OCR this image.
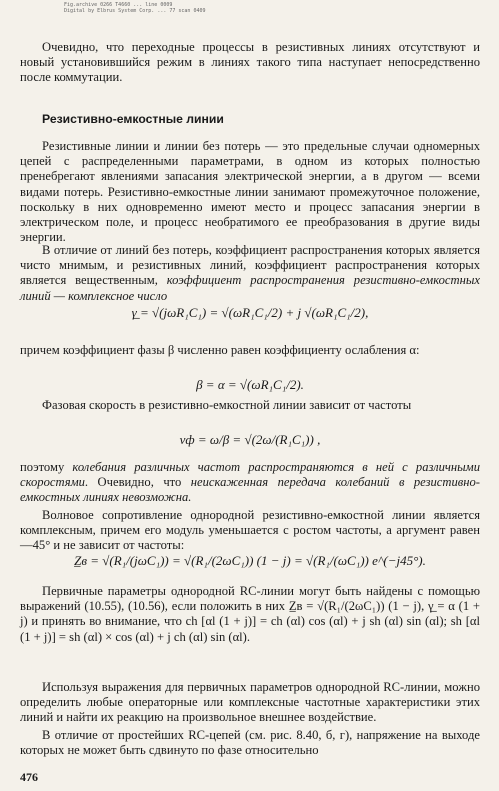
Fig.archive 0266 T4660 ... line 0009
Digital by Elbrus System Corp. ... 77 scan 0409

Очевидно, что переходные процессы в резистивных линиях отсутствуют и новый установившийся режим в линиях такого типа наступает непосредственно после коммутации.

Резистивно-емкостные линии

Резистивные линии и линии без потерь — это предельные случаи одномерных цепей с распределенными параметрами, в одном из которых полностью пренебрегают явлениями запасания электрической энергии, а в другом — всеми видами потерь. Резистивно-емкостные линии занимают промежуточное положение, поскольку в них одновременно имеют место и процесс запасания энергии в электрическом поле, и процесс необратимого ее преобразования в другие виды энергии.

В отличие от линий без потерь, коэффициент распространения которых является чисто мнимым, и резистивных линий, коэффициент распространения которых является вещественным, коэффициент распространения резистивно-емкостных линий — комплексное число

γ̲ = √(jωR₁C₁) = √(ωR₁C₁/2) + j √(ωR₁C₁/2),

причем коэффициент фазы β численно равен коэффициенту ослабления α:

β = α = √(ωR₁C₁/2).

Фазовая скорость в резистивно-емкостной линии зависит от частоты

vф = ω/β = √(2ω/(R₁C₁)) ,

поэтому колебания различных частот распространяются в ней с различными скоростями. Очевидно, что неискаженная передача колебаний в резистивно-емкостных линиях невозможна.

Волновое сопротивление однородной резистивно-емкостной линии является комплексным, причем его модуль уменьшается с ростом частоты, а аргумент равен —45° и не зависит от частоты:

Z̲в = √(R₁/(jωC₁)) = √(R₁/(2ωC₁)) (1 − j) = √(R₁/(ωC₁)) e^(−j45°).

Первичные параметры однородной RC-линии могут быть найдены с помощью выражений (10.55), (10.56), если положить в них Z̲в = √(R₁/(2ωC₁)) (1 − j), γ̲ = α (1 + j) и принять во внимание, что ch [αl (1 + j)] = ch (αl) cos (αl) + j sh (αl) sin (αl); sh [αl (1 + j)] = sh (αl) × cos (αl) + j ch (αl) sin (αl).

Используя выражения для первичных параметров однородной RC-линии, можно определить любые операторные или комплексные частотные характеристики этих линий и найти их реакцию на произвольное внешнее воздействие.

В отличие от простейших RC-цепей (см. рис. 8.40, б, г), напряжение на выходе которых не может быть сдвинуто по фазе относительно

476
